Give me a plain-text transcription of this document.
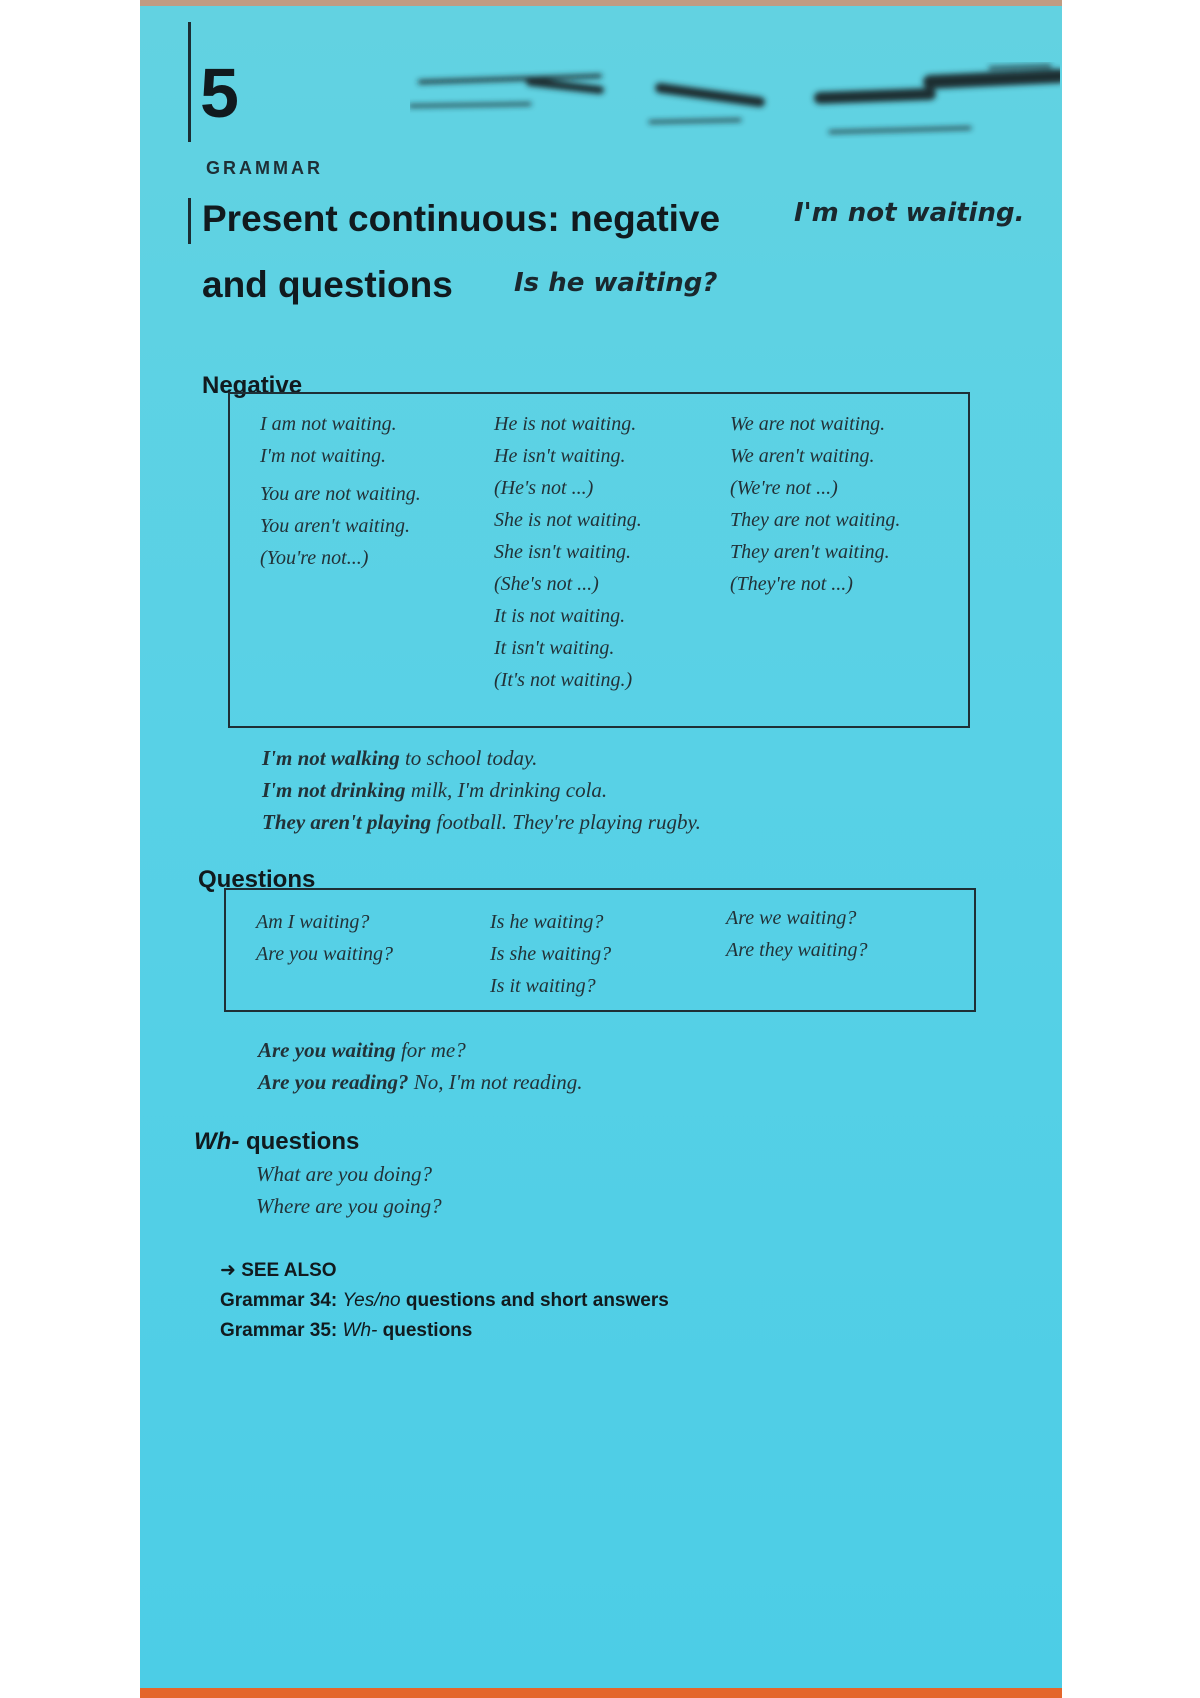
5
GRAMMAR
Present continuous: negative
and questions
I'm not waiting.
Is he waiting?
Negative
I am not waiting.
I'm not waiting.
You are not waiting.
You aren't waiting.
(You're not...)
He is not waiting.
He isn't waiting.
(He's not ...)
She is not waiting.
She isn't waiting.
(She's not ...)
It is not waiting.
It isn't waiting.
(It's not waiting.)
We are not waiting.
We aren't waiting.
(We're not ...)
They are not waiting.
They aren't waiting.
(They're not ...)
I'm not walking to school today.
I'm not drinking milk, I'm drinking cola.
They aren't playing football. They're playing rugby.
Questions
Am I waiting?
Are you waiting?
Is he waiting?
Is she waiting?
Is it waiting?
Are we waiting?
Are they waiting?
Are you waiting for me?
Are you reading? No, I'm not reading.
Wh- questions
What are you doing?
Where are you going?
➜ SEE ALSO
Grammar 34: Yes/no questions and short answers
Grammar 35: Wh- questions
